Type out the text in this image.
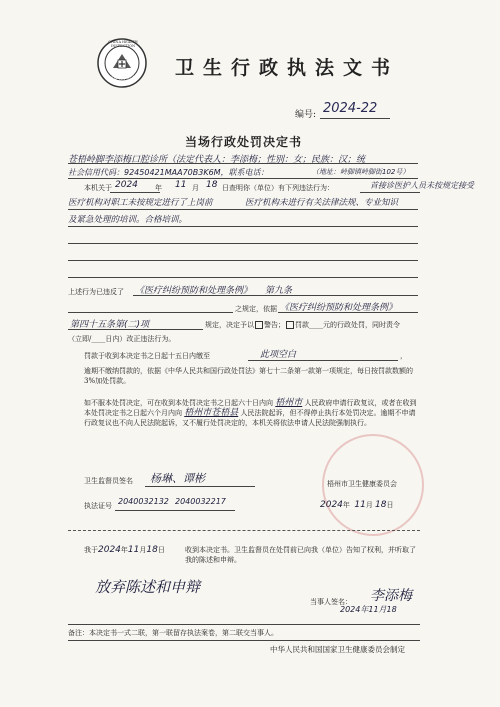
CHINA HEALTH INSPECTION
中国卫生监督 卫生行政执法文书
编号: 2024-22
当场行政处罚决定书
苍梧岭脚李添梅口腔诊所（法定代表人：李添梅；性别：女；民族：汉；统
社会信用代码：92450421MAA70B3K6M，联系电话：	（地址：岭脚镇岭脚街102号）
本机关于 2024 年 11 月 18 日查明你（单位）有下列违法行为：	首接诊医护人员未按规定接受
医疗机构对职工未按规定进行了上岗前	医疗机构未进行有关法律法规、专业知识
及紧急处理的培训。合格培训。
上述行为已违反了 《医疗纠纷预防和处理条例》 第九条
之规定，依据 《医疗纠纷预防和处理条例》
第四十五条第(二)项	规定，决定予以 警告； 罚款____元的行政处罚，同时责令
（立即/____日内）改正违法行为。
罚款于收到本决定书之日起十五日内缴至	此项空白	，
逾期不缴纳罚款的，依据《中华人民共和国行政处罚法》第七十二条第一款第一项规定，每日按罚款数额的3%加处罚款。
如不服本处罚决定，可在收到本处罚决定书之日起六十日内向 梧州市 人民政府申请行政复议，或者在收到本处罚决定书之日起六个月内向 梧州市苍梧县 人民法院起诉，但不得停止执行本处罚决定。逾期不申请行政复议也不向人民法院起诉，又不履行处罚决定的，本机关将依法申请人民法院强制执行。
卫生监督员签名 杨琳、谭彬
执法证号 2040032132 2040032217
梧州市卫生健康委员会
2024年 11月 18日
我于2024年11月18日	收到本决定书。卫生监督员在处罚前已向我（单位）告知了权利，并听取了我的陈述和申辩。
放弃陈述和申辩
当事人签名： 李添梅
2024年11月18
备注：本决定书一式二联，第一联留存执法案卷，第二联交当事人。
中华人民共和国国家卫生健康委员会制定
